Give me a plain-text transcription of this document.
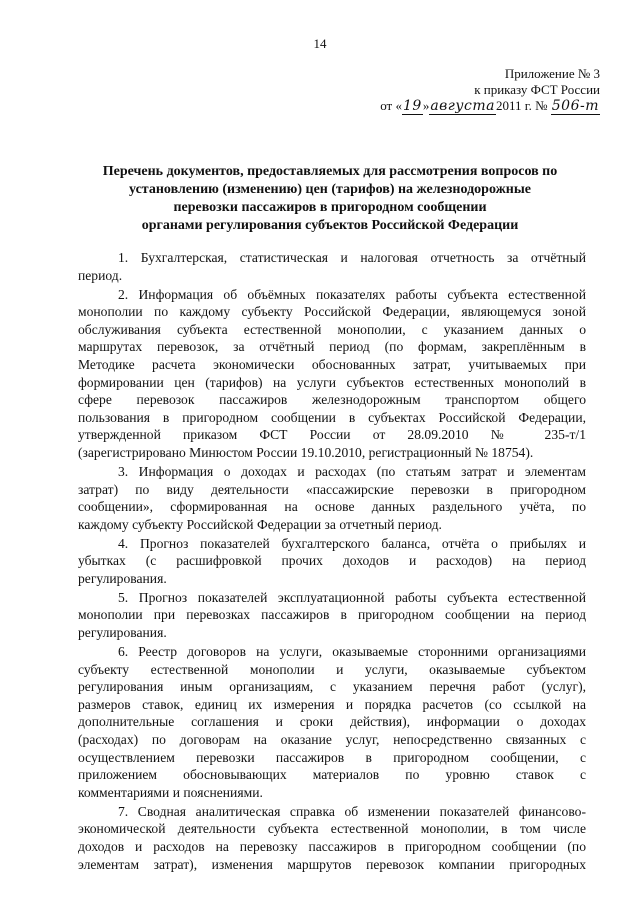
14
Приложение № 3
к приказу ФСТ России
от «19»августа2011 г. № 506-т
Перечень документов, предоставляемых для рассмотрения вопросов по
установлению (изменению) цен (тарифов) на железнодорожные
перевозки пассажиров в пригородном сообщении
органами регулирования субъектов Российской Федерации
1. Бухгалтерская, статистическая и налоговая отчетность за отчётный
период.
2. Информация об объёмных показателях работы субъекта естественной
монополии по каждому субъекту Российской Федерации, являющемуся зоной
обслуживания субъекта естественной монополии, с указанием данных о
маршрутах перевозок, за отчётный период (по формам, закреплённым в
Методике расчета экономически обоснованных затрат, учитываемых при
формировании цен (тарифов) на услуги субъектов естественных монополий в
сфере перевозок пассажиров железнодорожным транспортом общего
пользования в пригородном сообщении в субъектах Российской Федерации,
утвержденной приказом ФСТ России от 28.09.2010 № 235-т/1
(зарегистрировано Минюстом России 19.10.2010, регистрационный № 18754).
3. Информация о доходах и расходах (по статьям затрат и элементам
затрат) по виду деятельности «пассажирские перевозки в пригородном
сообщении», сформированная на основе данных раздельного учёта, по
каждому субъекту Российской Федерации за отчетный период.
4. Прогноз показателей бухгалтерского баланса, отчёта о прибылях и
убытках (с расшифровкой прочих доходов и расходов) на период
регулирования.
5. Прогноз показателей эксплуатационной работы субъекта естественной
монополии при перевозках пассажиров в пригородном сообщении на период
регулирования.
6. Реестр договоров на услуги, оказываемые сторонними организациями
субъекту естественной монополии и услуги, оказываемые субъектом
регулирования иным организациям, с указанием перечня работ (услуг),
размеров ставок, единиц их измерения и порядка расчетов (со ссылкой на
дополнительные соглашения и сроки действия), информации о доходах
(расходах) по договорам на оказание услуг, непосредственно связанных с
осуществлением перевозки пассажиров в пригородном сообщении, с
приложением обосновывающих материалов по уровню ставок с
комментариями и пояснениями.
7. Сводная аналитическая справка об изменении показателей финансово-
экономической деятельности субъекта естественной монополии, в том числе
доходов и расходов на перевозку пассажиров в пригородном сообщении (по
элементам затрат), изменения маршрутов перевозок компании пригородных
